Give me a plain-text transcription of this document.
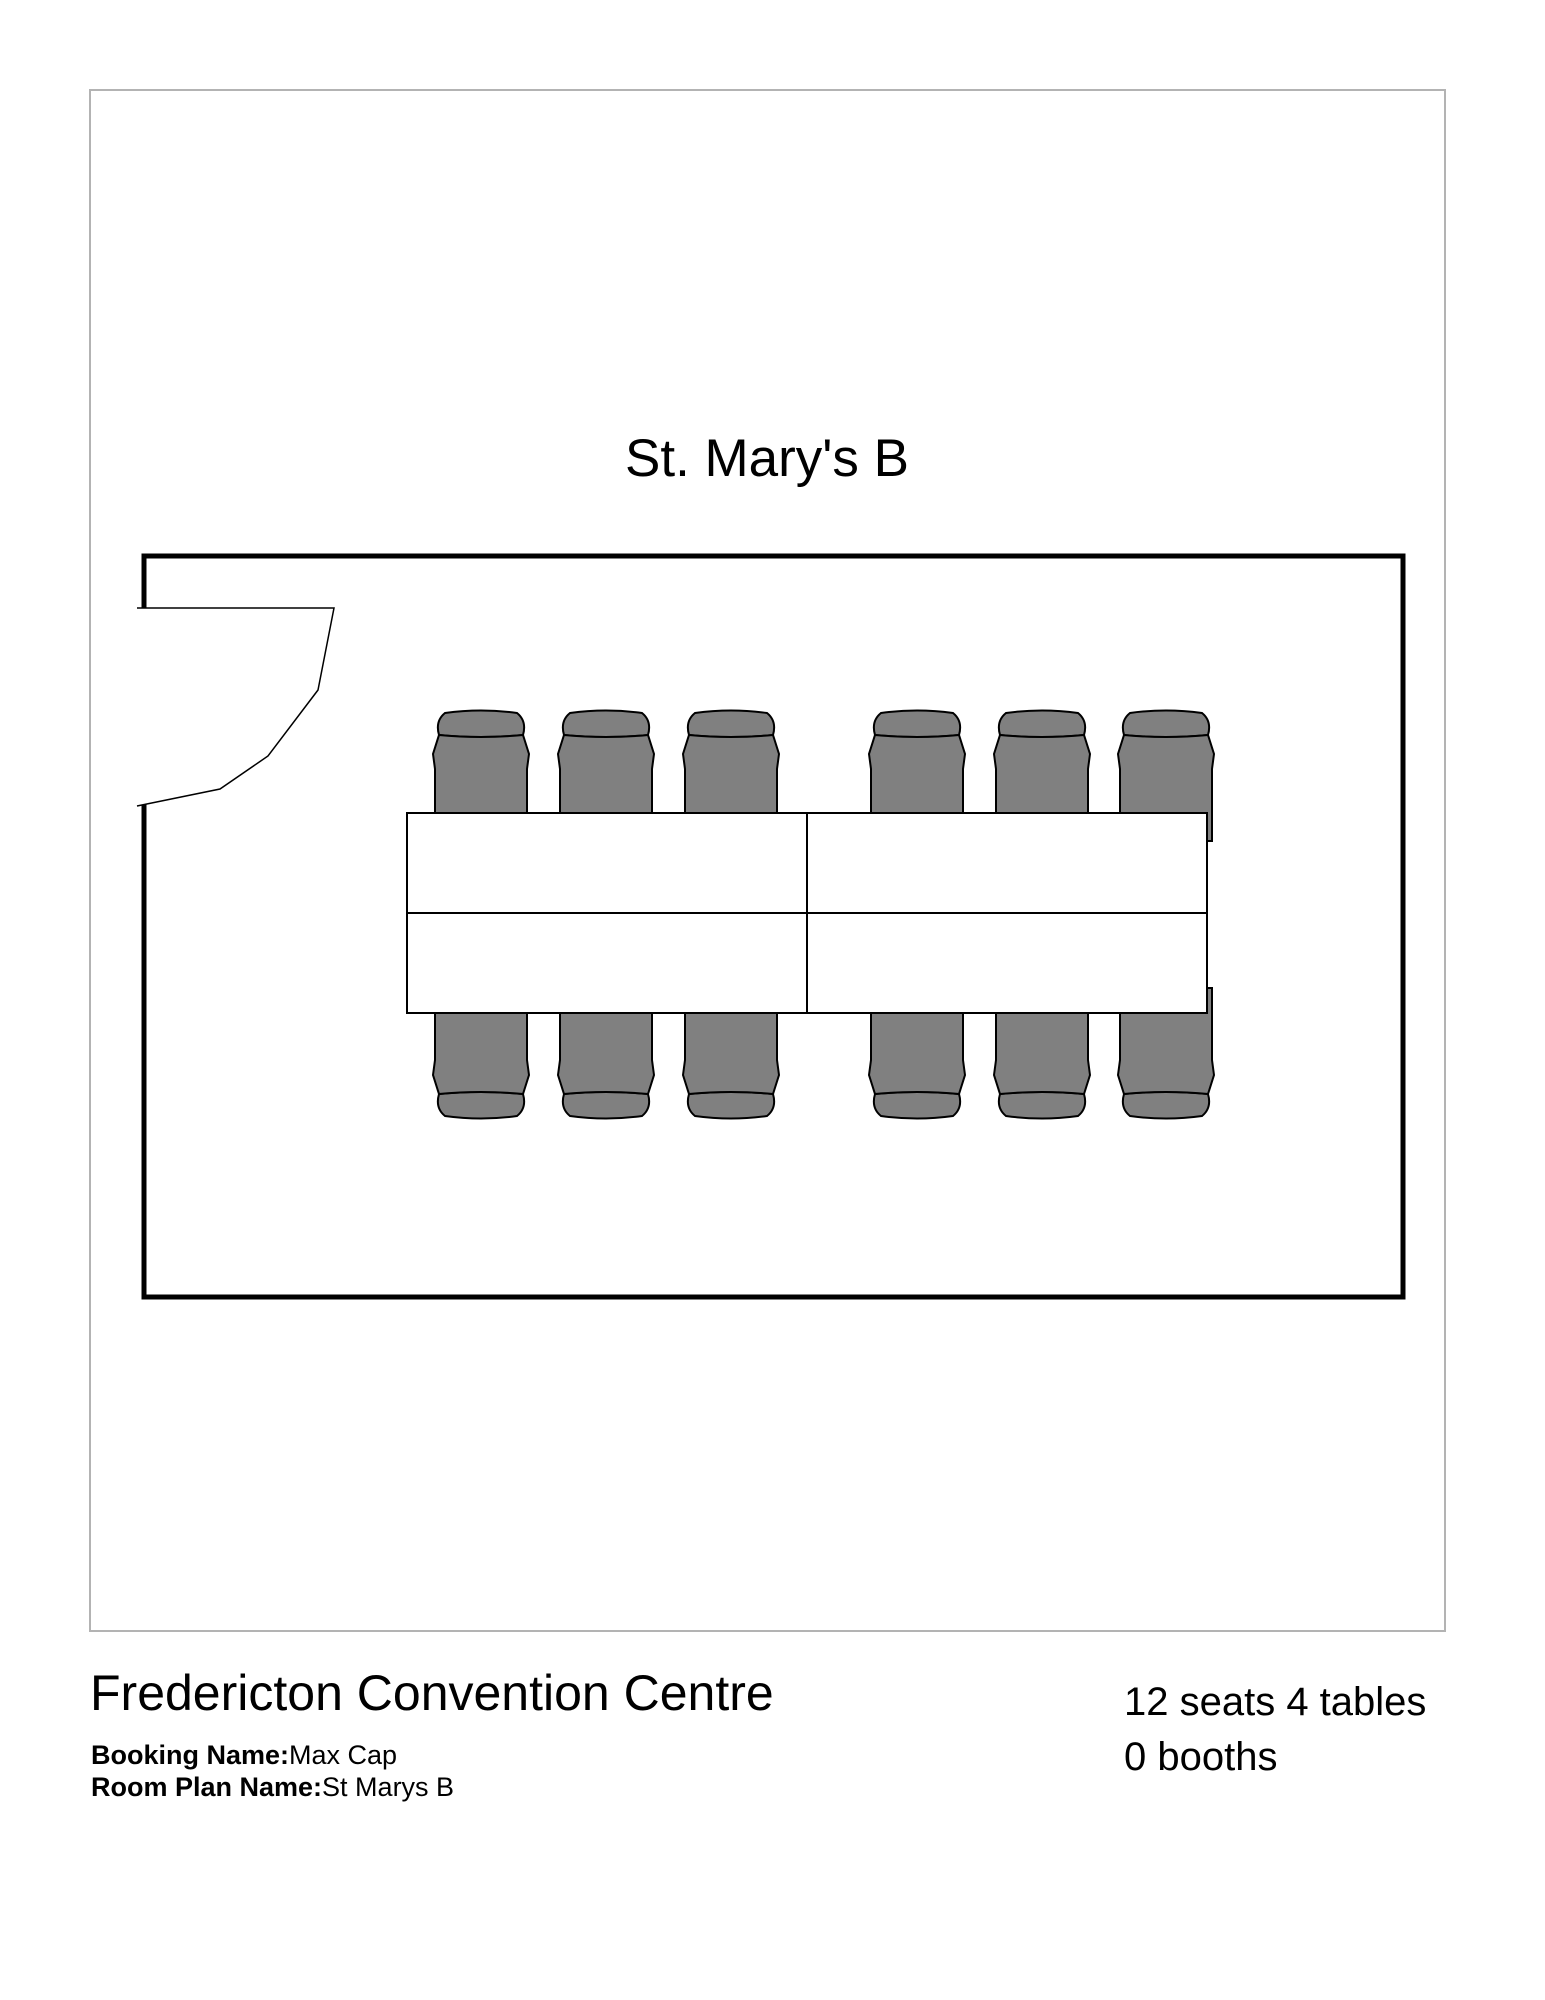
St. Mary's B
Fredericton Convention Centre
Booking Name:Max Cap
Room Plan Name:St Marys B
12 seats 4 tables
0 booths
